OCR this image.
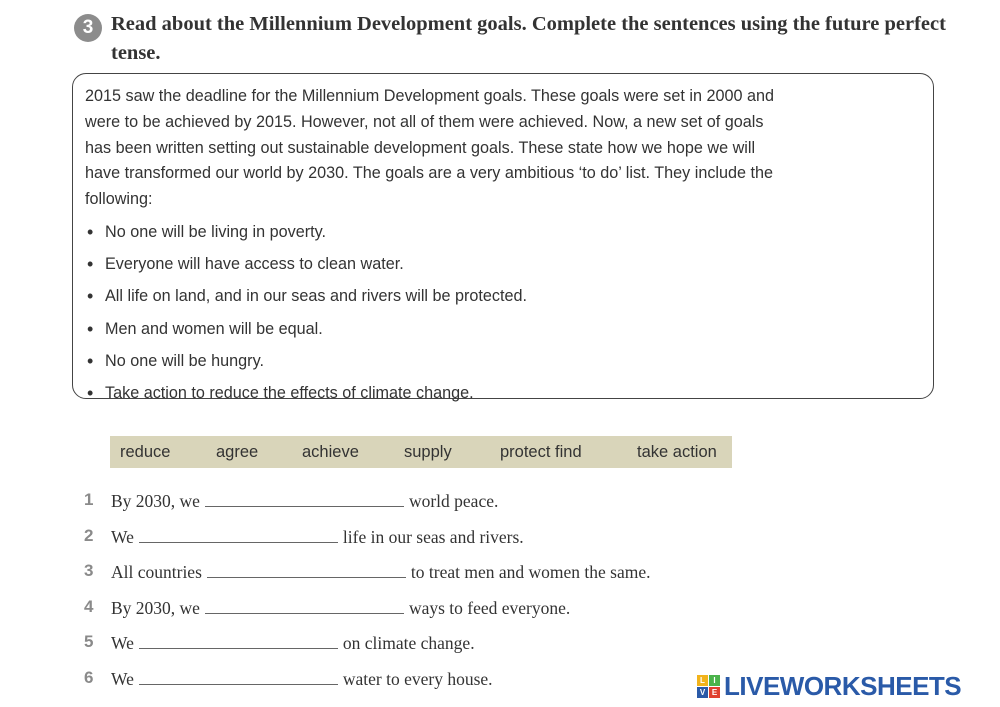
3 Read about the Millennium Development goals. Complete the sentences using the future perfect tense.

2015 saw the deadline for the Millennium Development goals. These goals were set in 2000 and
were to be achieved by 2015. However, not all of them were achieved. Now, a new set of goals
has been written setting out sustainable development goals. These state how we hope we will
have transformed our world by 2030. The goals are a very ambitious ‘to do’ list. They include the
following:

• No one will be living in poverty.
• Everyone will have access to clean water.
• All life on land, and in our seas and rivers will be protected.
• Men and women will be equal.
• No one will be hungry.
• Take action to reduce the effects of climate change.
reduce	agree	achieve	supply	protect find	take action
1 By 2030, we	world peace.
2 We	life in our seas and rivers.
3 All countries	to treat men and women the same.
4 By 2030, we	ways to feed everyone.
5 We	on climate change.
6 We	water to every house.	L	I
V E LIVEWORKSHEETS
